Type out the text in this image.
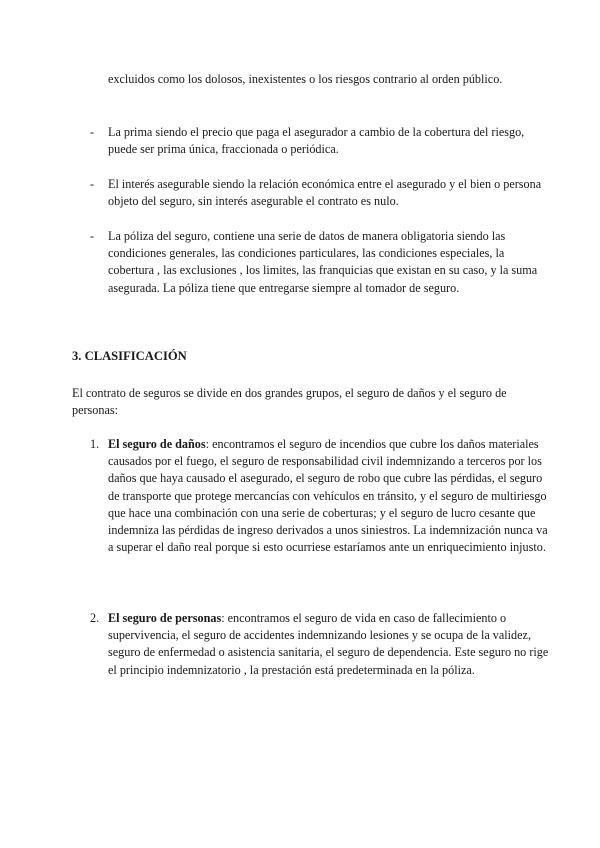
excluidos como los dolosos, inexistentes o los riesgos contrario al orden público.
-	La prima siendo el precio que paga el asegurador a cambio de la cobertura del riesgo, puede ser prima única, fraccionada o periódica.
-	El interés asegurable siendo la relación económica entre el asegurado y el bien o persona objeto del seguro, sin interés asegurable el contrato es nulo.
-	La póliza del seguro, contiene una serie de datos de manera obligatoria siendo las condiciones generales, las condiciones particulares, las condiciones especiales, la cobertura , las exclusiones , los limites, las franquicias que existan en su caso, y la suma asegurada. La póliza tiene que entregarse siempre al tomador de seguro.
3. CLASIFICACIÓN
El contrato de seguros se divide en dos grandes grupos, el seguro de daños y el seguro de personas:
1. El seguro de daños: encontramos el seguro de incendios que cubre los daños materiales causados por el fuego, el seguro de responsabilidad civil indemnizando a terceros por los daños que haya causado el asegurado, el seguro de robo que cubre las pérdidas, el seguro de transporte que protege mercancías con vehículos en tránsito, y el seguro de multiriesgo que hace una combinación con una serie de coberturas; y el seguro de lucro cesante que indemniza las pérdidas de ingreso derivados a unos siniestros. La indemnización nunca va a superar el daño real porque si esto ocurriese estaríamos ante un enriquecimiento injusto.
2. El seguro de personas: encontramos el seguro de vida en caso de fallecimiento o supervivencia, el seguro de accidentes indemnizando lesiones y se ocupa de la validez, seguro de enfermedad o asistencia sanitaria, el seguro de dependencia. Este seguro no rige el principio indemnizatorio , la prestación está predeterminada en la póliza.
